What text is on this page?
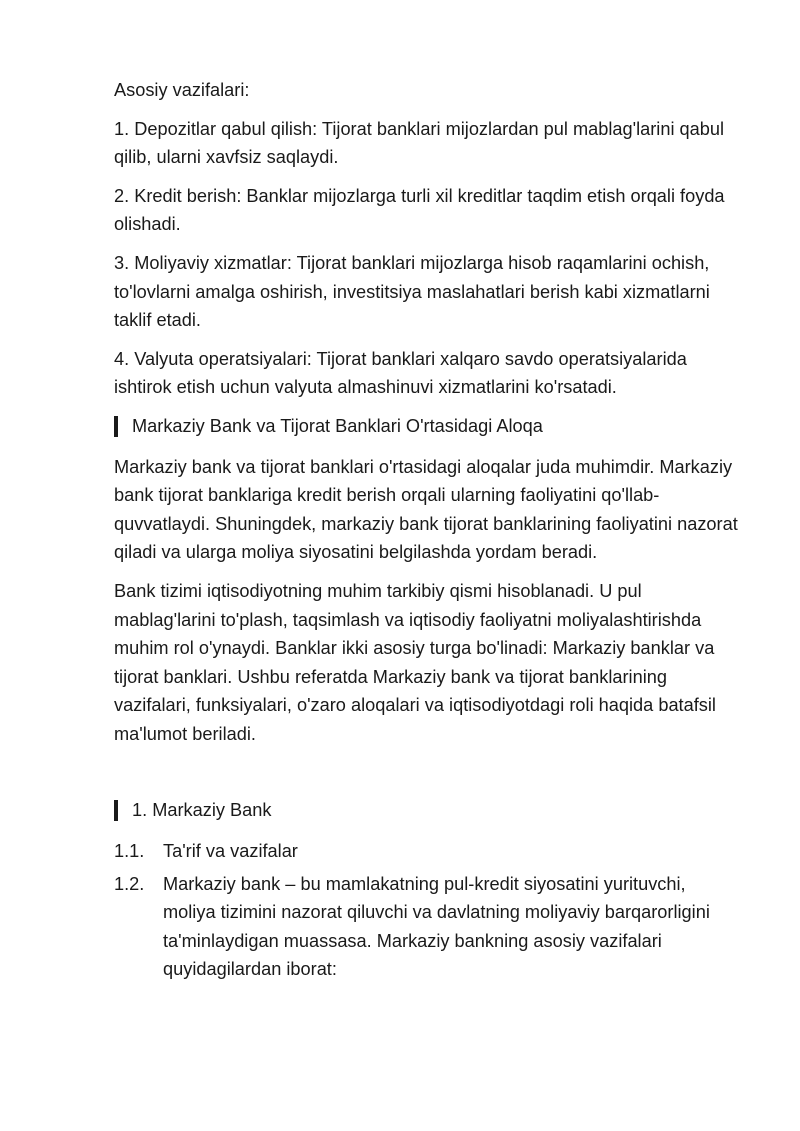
Asosiy vazifalari:

1. Depozitlar qabul qilish: Tijorat banklari mijozlardan pul mablag'larini qabul qilib, ularni xavfsiz saqlaydi.

2. Kredit berish: Banklar mijozlarga turli xil kreditlar taqdim etish orqali foyda olishadi.

3. Moliyaviy xizmatlar: Tijorat banklari mijozlarga hisob raqamlarini ochish, to'lovlarni amalga oshirish, investitsiya maslahatlari berish kabi xizmatlarni taklif etadi.

4. Valyuta operatsiyalari: Tijorat banklari xalqaro savdo operatsiyalarida ishtirok etish uchun valyuta almashinuvi xizmatlarini ko'rsatadi.

Markaziy Bank va Tijorat Banklari O'rtasidagi Aloqa

Markaziy bank va tijorat banklari o'rtasidagi aloqalar juda muhimdir. Markaziy bank tijorat banklariga kredit berish orqali ularning faoliyatini qo'llab-quvvatlaydi. Shuningdek, markaziy bank tijorat banklarining faoliyatini nazorat qiladi va ularga moliya siyosatini belgilashda yordam beradi.

Bank tizimi iqtisodiyotning muhim tarkibiy qismi hisoblanadi. U pul mablag'larini to'plash, taqsimlash va iqtisodiy faoliyatni moliyalashtirishda muhim rol o'ynaydi. Banklar ikki asosiy turga bo'linadi: Markaziy banklar va tijorat banklari. Ushbu referatda Markaziy bank va tijorat banklarining vazifalari, funksiyalari, o'zaro aloqalari va iqtisodiyotdagi roli haqida batafsil ma'lumot beriladi.

1. Markaziy Bank
1.1.	Ta'rif va vazifalar
1.2.	Markaziy bank – bu mamlakatning pul-kredit siyosatini yurituvchi, moliya tizimini nazorat qiluvchi va davlatning moliyaviy barqarorligini ta'minlaydigan muassasa. Markaziy bankning asosiy vazifalari quyidagilardan iborat:
